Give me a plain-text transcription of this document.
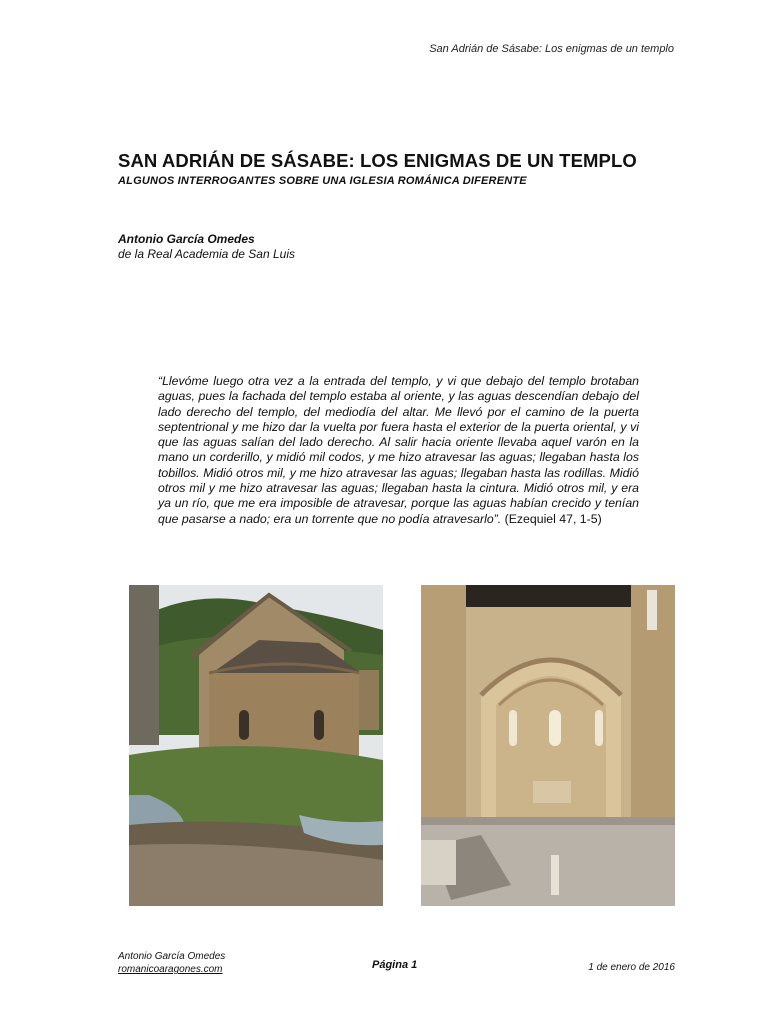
San Adrián de Sásabe: Los enigmas de un templo
SAN ADRIÁN DE SÁSABE: LOS ENIGMAS DE UN TEMPLO
ALGUNOS INTERROGANTES SOBRE UNA IGLESIA ROMÁNICA DIFERENTE
Antonio García Omedes
de la Real Academia de San Luis
“Llevóme luego otra vez a la entrada del templo, y vi que debajo del templo brotaban aguas, pues la fachada del templo estaba al oriente, y las aguas descendían debajo del lado derecho del templo, del mediodía del altar. Me llevó por el camino de la puerta septentrional y me hizo dar la vuelta por fuera hasta el exterior de la puerta oriental, y vi que las aguas salían del lado derecho. Al salir hacia oriente llevaba aquel varón en la mano un corderillo, y midió mil codos, y me hizo atravesar las aguas; llegaban hasta los tobillos. Midió otros mil, y me hizo atravesar las aguas; llegaban hasta las rodillas. Midió otros mil y me hizo atravesar las aguas; llegaban hasta la cintura. Midió otros mil, y era ya un río, que me era imposible de atravesar, porque las aguas habían crecido y tenían que pasarse a nado; era un torrente que no podía atravesarlo”. (Ezequiel 47, 1-5)
Antonio García Omedes
romanicoaragones.com	Página 1	1 de enero de 2016
